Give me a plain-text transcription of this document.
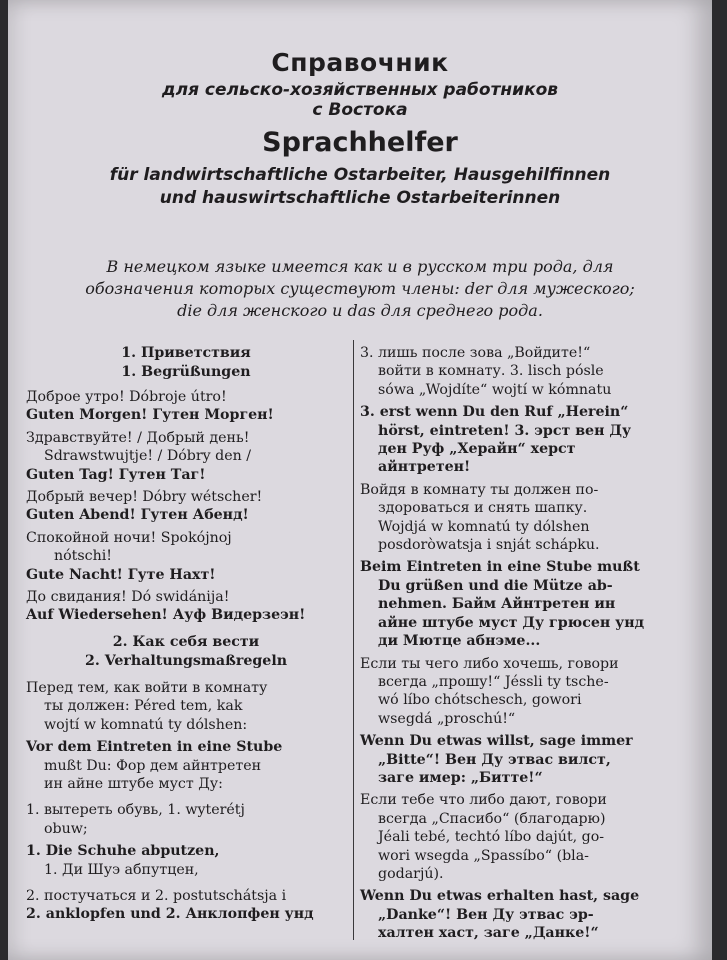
Справочник
для сельско-хозяйственных работников
с Востока
Sprachhelfer
für landwirtschaftliche Ostarbeiter, Hausgehilfinnen
und hauswirtschaftliche Ostarbeiterinnen
В немецком языке имеется как и в русском три рода, для
обозначения которых существуют члены: der для мужеского;
die для женского и das для среднего рода.
1. Приветствия
1. Begrüßungen
Доброе утро! Dóbroje útro!
Guten Morgen! Гутен Морген!
Здравствуйте! / Добрый день!
Sdrawstwujtje! / Dóbry den /
Guten Tag! Гутен Таг!
Добрый вечер! Dóbry wétscher!
Guten Abend! Гутен Абенд!
Спокойной ночи! Spokójnoj
nótschi!
Gute Nacht! Гуте Нахт!
До свидания! Dó swidánija!
Auf Wiedersehen! Ауф Видерзеэн!
2. Как себя вести
2. Verhaltungsmaßregeln
Перед тем, как войти в комнату
ты должен: Péred tem, kak
wojtí w komnatú ty dólshen:
Vor dem Eintreten in eine Stube
mußt Du: Фор дем айнтретен
ин айне штубе муст Ду:
1. вытереть обувь, 1. wyterétj
obuw;
1. Die Schuhe abputzen,
1. Ди Шуэ абпутцен,
2. постучаться и 2. postutschátsja i
2. anklopfen und 2. Анклопфен унд
3. лишь после зова „Войдите!“
войти в комнату. 3. lisch pósle
sówa „Wojdíte“ wojtí w kómnatu
3. erst wenn Du den Ruf „Herein“
hörst, eintreten! 3. эрст вен Ду
ден Руф „Херайн“ херст
айнтретен!
Войдя в комнату ты должен по-
здороваться и снять шапку.
Wojdjá w komnatú ty dólshen
posdoròwatsja i snját schápku.
Beim Eintreten in eine Stube mußt
Du grüßen und die Mütze ab-
nehmen. Байм Айнтретен ин
айне штубе муст Ду грюсен унд
ди Мютце абнэме...
Если ты чего либо хочешь, говори
всегда „прошу!“ Jéssli ty tsche-
wó líbo chótschesch, gowori
wsegdá „proschú!“
Wenn Du etwas willst, sage immer
„Bitte“! Вен Ду этвас вилст,
заге имер: „Битте!“
Если тебе что либо дают, говори
всегда „Спасибо“ (благодарю)
Jéali tebé, techtó líbo dajút, go-
wori wsegda „Spassíbo“ (bla-
godarjú).
Wenn Du etwas erhalten hast, sage
„Danke“! Вен Ду этвас эр-
халтен хаст, заге „Данке!“
